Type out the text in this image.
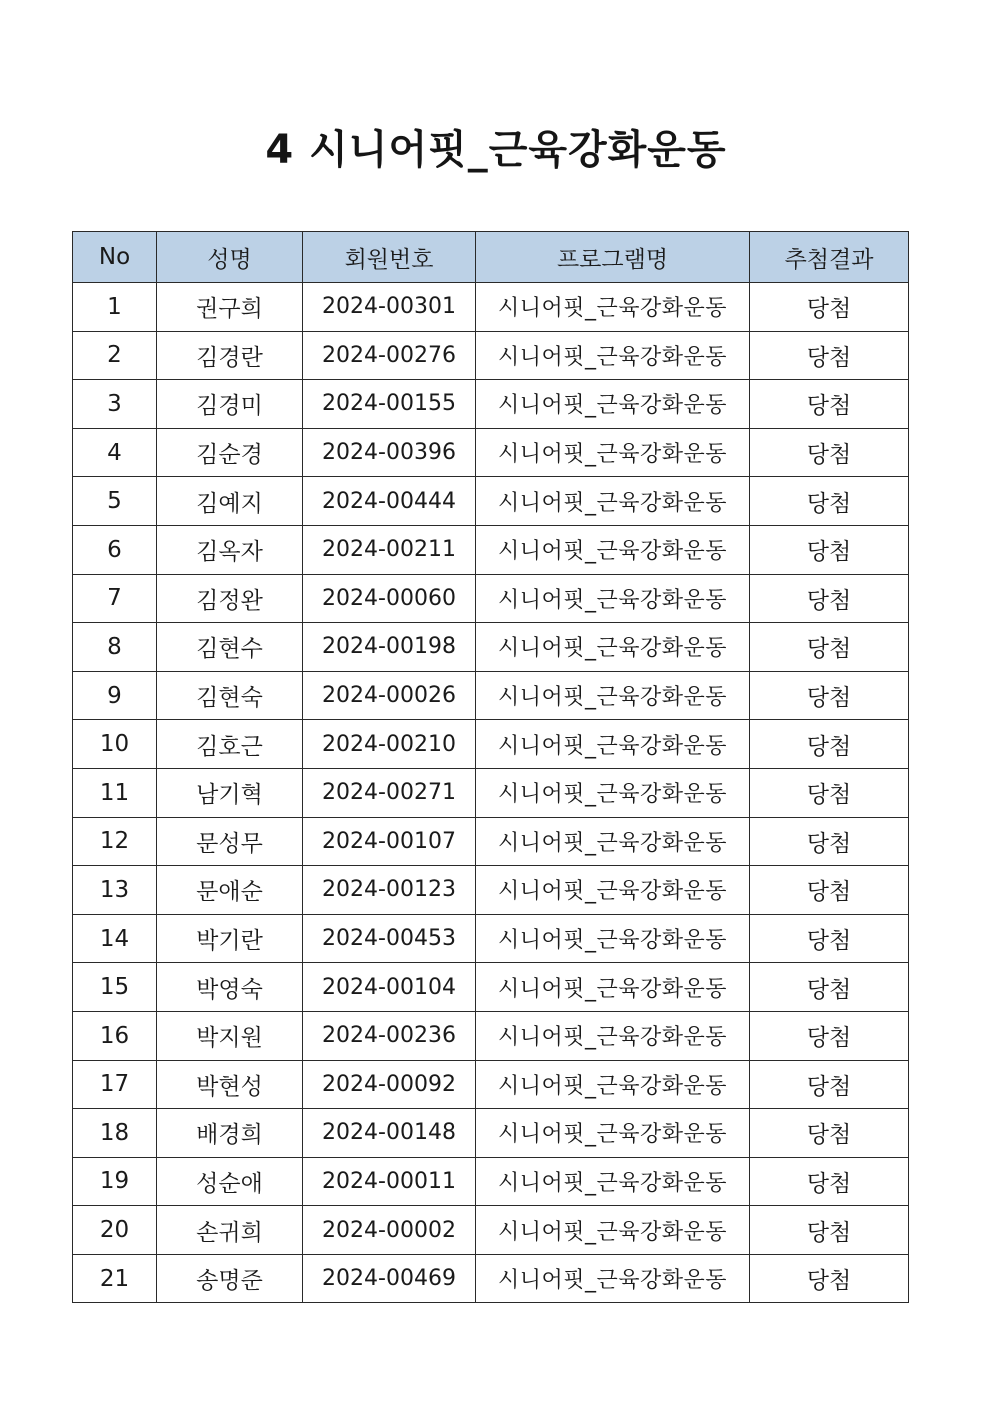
4 시니어핏_근육강화운동
No	성명	회원번호	프로그램명	추첨결과
1	권구희	2024-00301	시니어핏_근육강화운동	당첨
2	김경란	2024-00276	시니어핏_근육강화운동	당첨
3	김경미	2024-00155	시니어핏_근육강화운동	당첨
4	김순경	2024-00396	시니어핏_근육강화운동	당첨
5	김예지	2024-00444	시니어핏_근육강화운동	당첨
6	김옥자	2024-00211	시니어핏_근육강화운동	당첨
7	김정완	2024-00060	시니어핏_근육강화운동	당첨
8	김현수	2024-00198	시니어핏_근육강화운동	당첨
9	김현숙	2024-00026	시니어핏_근육강화운동	당첨
10	김호근	2024-00210	시니어핏_근육강화운동	당첨
11	남기혁	2024-00271	시니어핏_근육강화운동	당첨
12	문성무	2024-00107	시니어핏_근육강화운동	당첨
13	문애순	2024-00123	시니어핏_근육강화운동	당첨
14	박기란	2024-00453	시니어핏_근육강화운동	당첨
15	박영숙	2024-00104	시니어핏_근육강화운동	당첨
16	박지원	2024-00236	시니어핏_근육강화운동	당첨
17	박현성	2024-00092	시니어핏_근육강화운동	당첨
18	배경희	2024-00148	시니어핏_근육강화운동	당첨
19	성순애	2024-00011	시니어핏_근육강화운동	당첨
20	손귀희	2024-00002	시니어핏_근육강화운동	당첨
21	송명준	2024-00469	시니어핏_근육강화운동	당첨
